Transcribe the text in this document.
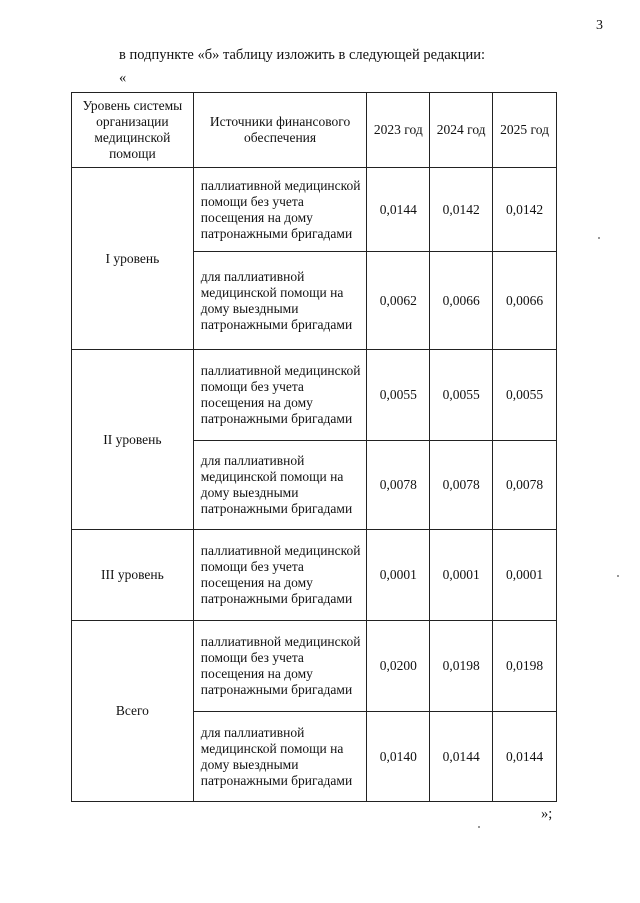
3
в подпункте «б» таблицу изложить в следующей редакции:
«
Уровень системы организации медицинской помощи	Источники финансового обеспечения	2023 год	2024 год	2025 год
I уровень	паллиативной медицинской помощи без учета посещения на дому патронажными бригадами	0,0144	0,0142	0,0142
	для паллиативной медицинской помощи на дому выездными патронажными бригадами	0,0062	0,0066	0,0066
II уровень	паллиативной медицинской помощи без учета посещения на дому патронажными бригадами	0,0055	0,0055	0,0055
	для паллиативной медицинской помощи на дому выездными патронажными бригадами	0,0078	0,0078	0,0078
III уровень	паллиативной медицинской помощи без учета посещения на дому патронажными бригадами	0,0001	0,0001	0,0001
Всего	паллиативной медицинской помощи без учета посещения на дому патронажными бригадами	0,0200	0,0198	0,0198
	для паллиативной медицинской помощи на дому выездными патронажными бригадами	0,0140	0,0144	0,0144
»;
